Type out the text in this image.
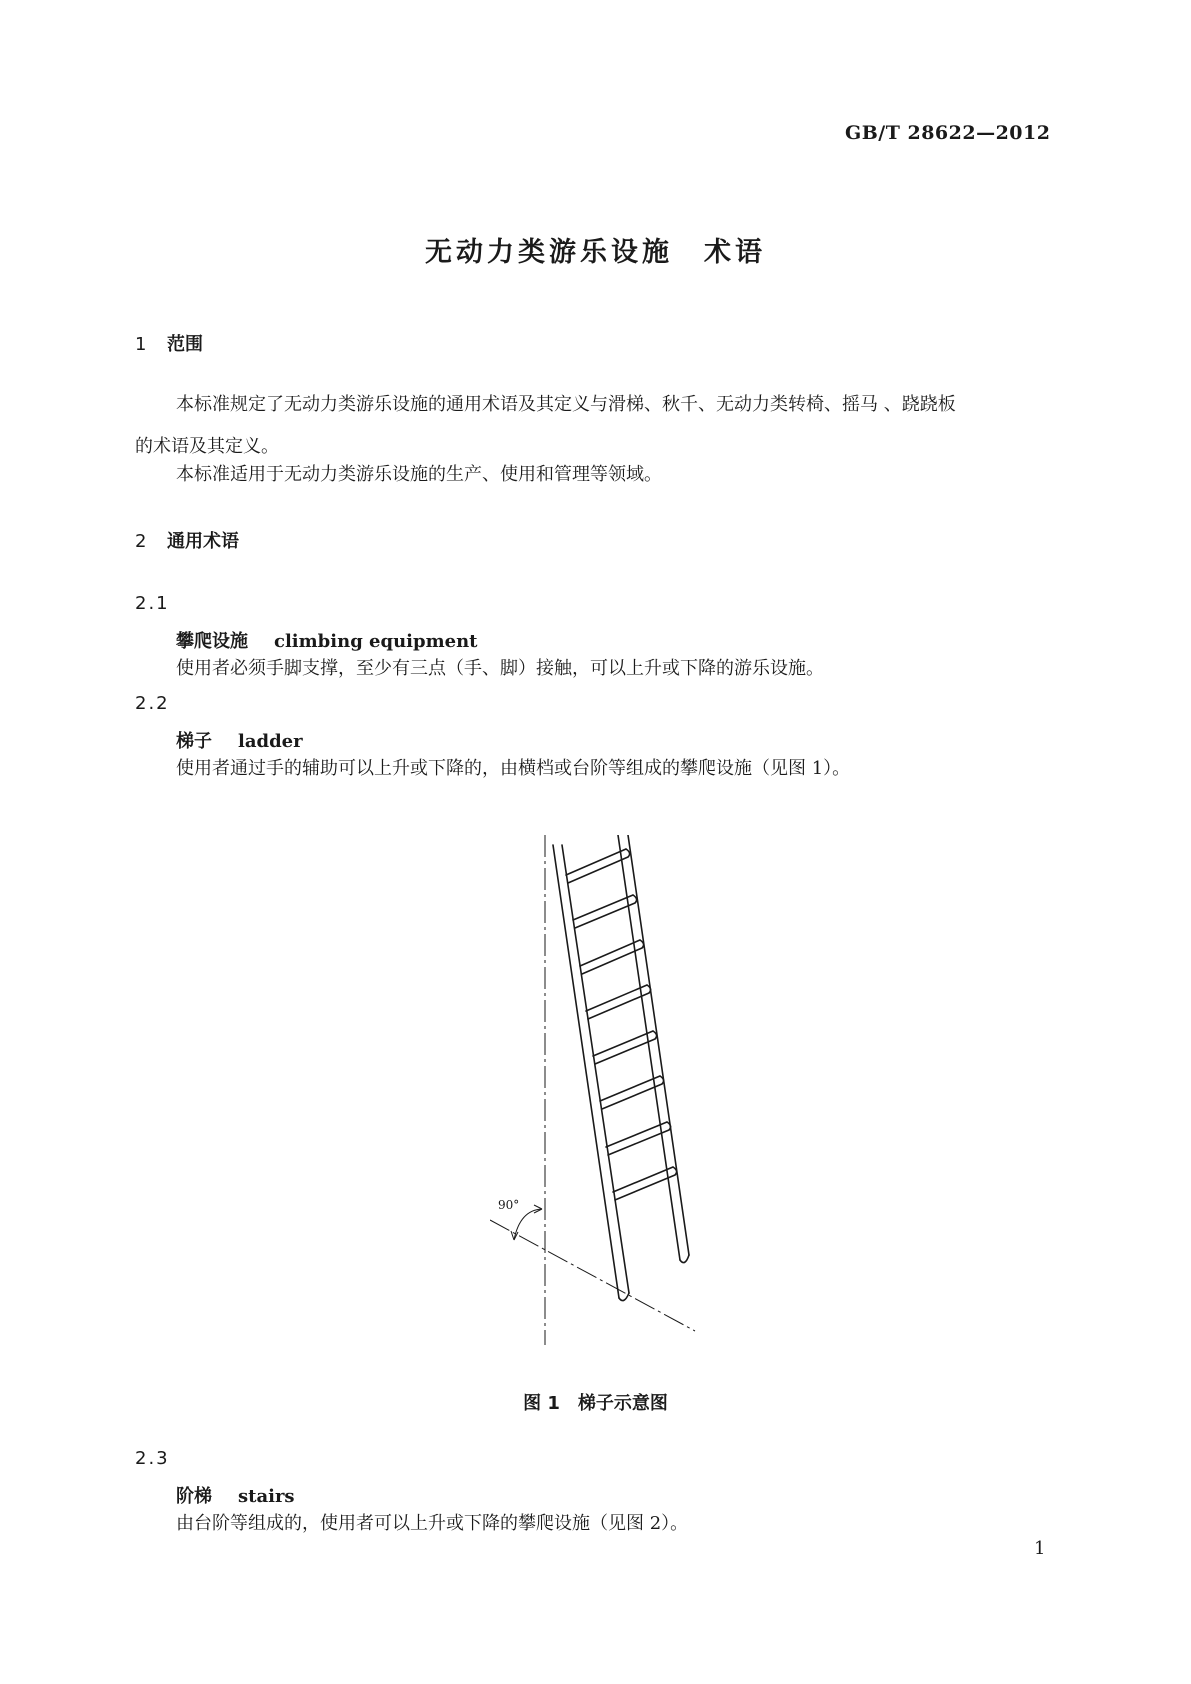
GB/T 28622—2012
无动力类游乐设施　术语
1 范围
本标准规定了无动力类游乐设施的通用术语及其定义与滑梯、秋千、无动力类转椅、摇马 、跷跷板
的术语及其定义。
本标准适用于无动力类游乐设施的生产、使用和管理等领域。
2 通用术语
2.1
攀爬设施 climbing equipment
使用者必须手脚支撑，至少有三点（手、脚）接触，可以上升或下降的游乐设施。
2.2
梯子 ladder
使用者通过手的辅助可以上升或下降的，由横档或台阶等组成的攀爬设施（见图 1）。
90°
图 1　梯子示意图
2.3
阶梯 stairs
由台阶等组成的，使用者可以上升或下降的攀爬设施（见图 2）。
1
